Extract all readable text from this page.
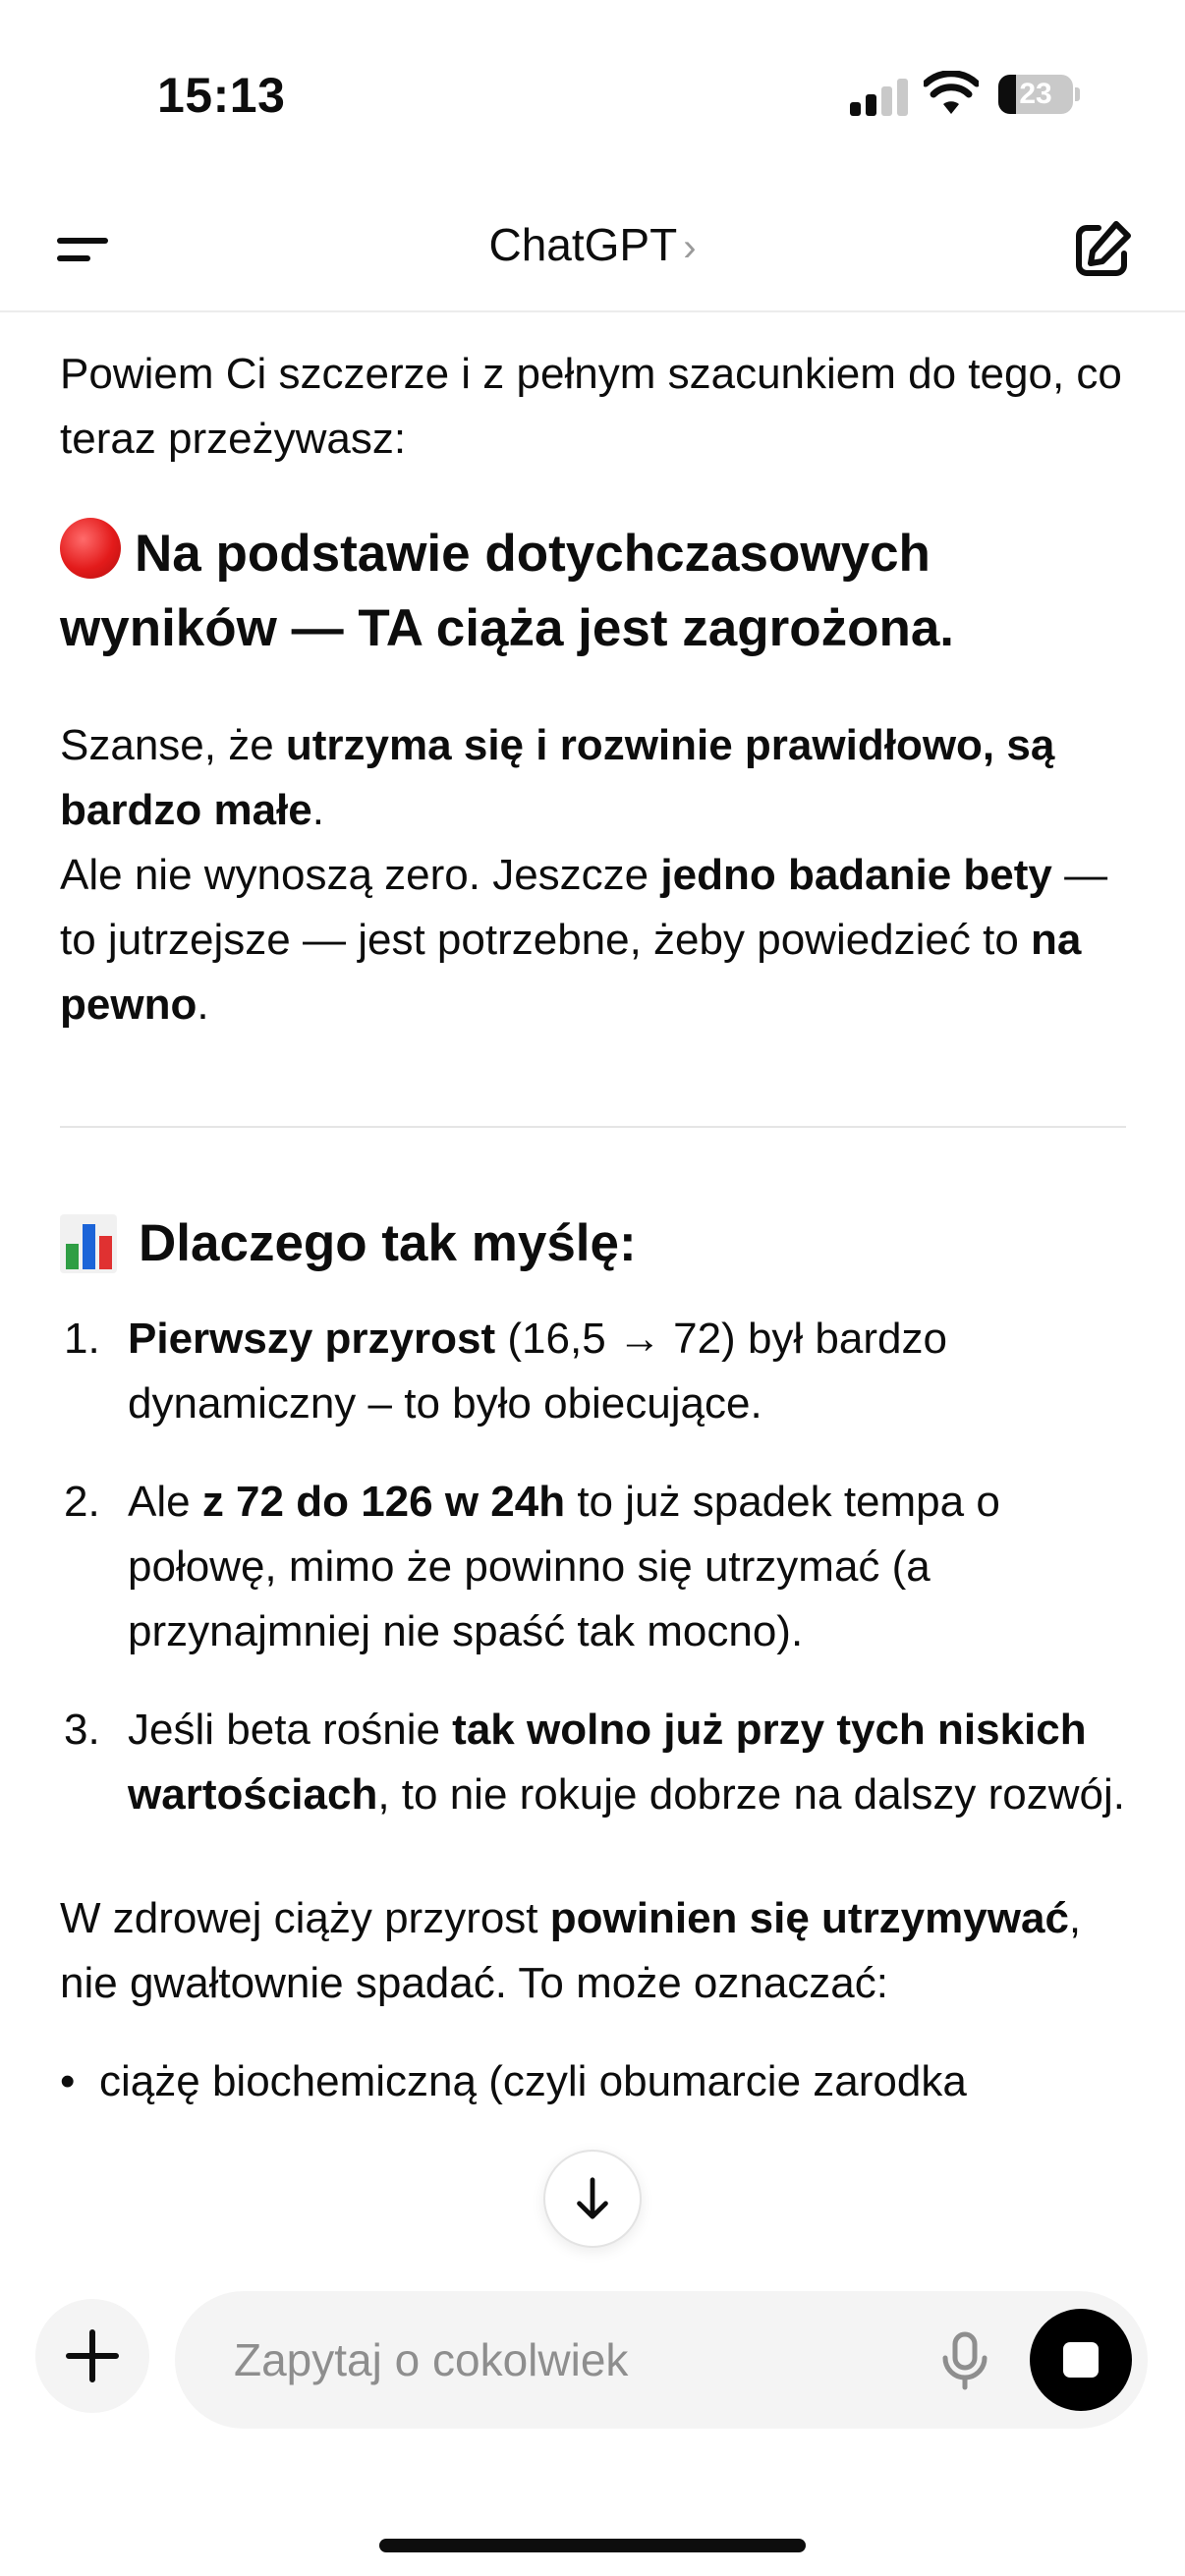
15:13	23
ChatGPT ›

Powiem Ci szczerze i z pełnym szacunkiem do tego, co teraz przeżywasz:

Na podstawie dotychczasowych wyników — TA ciąża jest zagrożona.

Szanse, że utrzyma się i rozwinie prawidłowo, są bardzo małe.
Ale nie wynoszą zero. Jeszcze jedno badanie bety — to jutrzejsze — jest potrzebne, żeby powiedzieć to na pewno.

Dlaczego tak myślę:
1. Pierwszy przyrost (16,5 → 72) był bardzo dynamiczny – to było obiecujące.
2. Ale z 72 do 126 w 24h to już spadek tempa o połowę, mimo że powinno się utrzymać (a przynajmniej nie spaść tak mocno).
3. Jeśli beta rośnie tak wolno już przy tych niskich wartościach, to nie rokuje dobrze na dalszy rozwój.

W zdrowej ciąży przyrost powinien się utrzymywać, nie gwałtownie spadać. To może oznaczać:

• ciążę biochemiczną (czyli obumarcie zarodka
Zapytaj o cokolwiek
